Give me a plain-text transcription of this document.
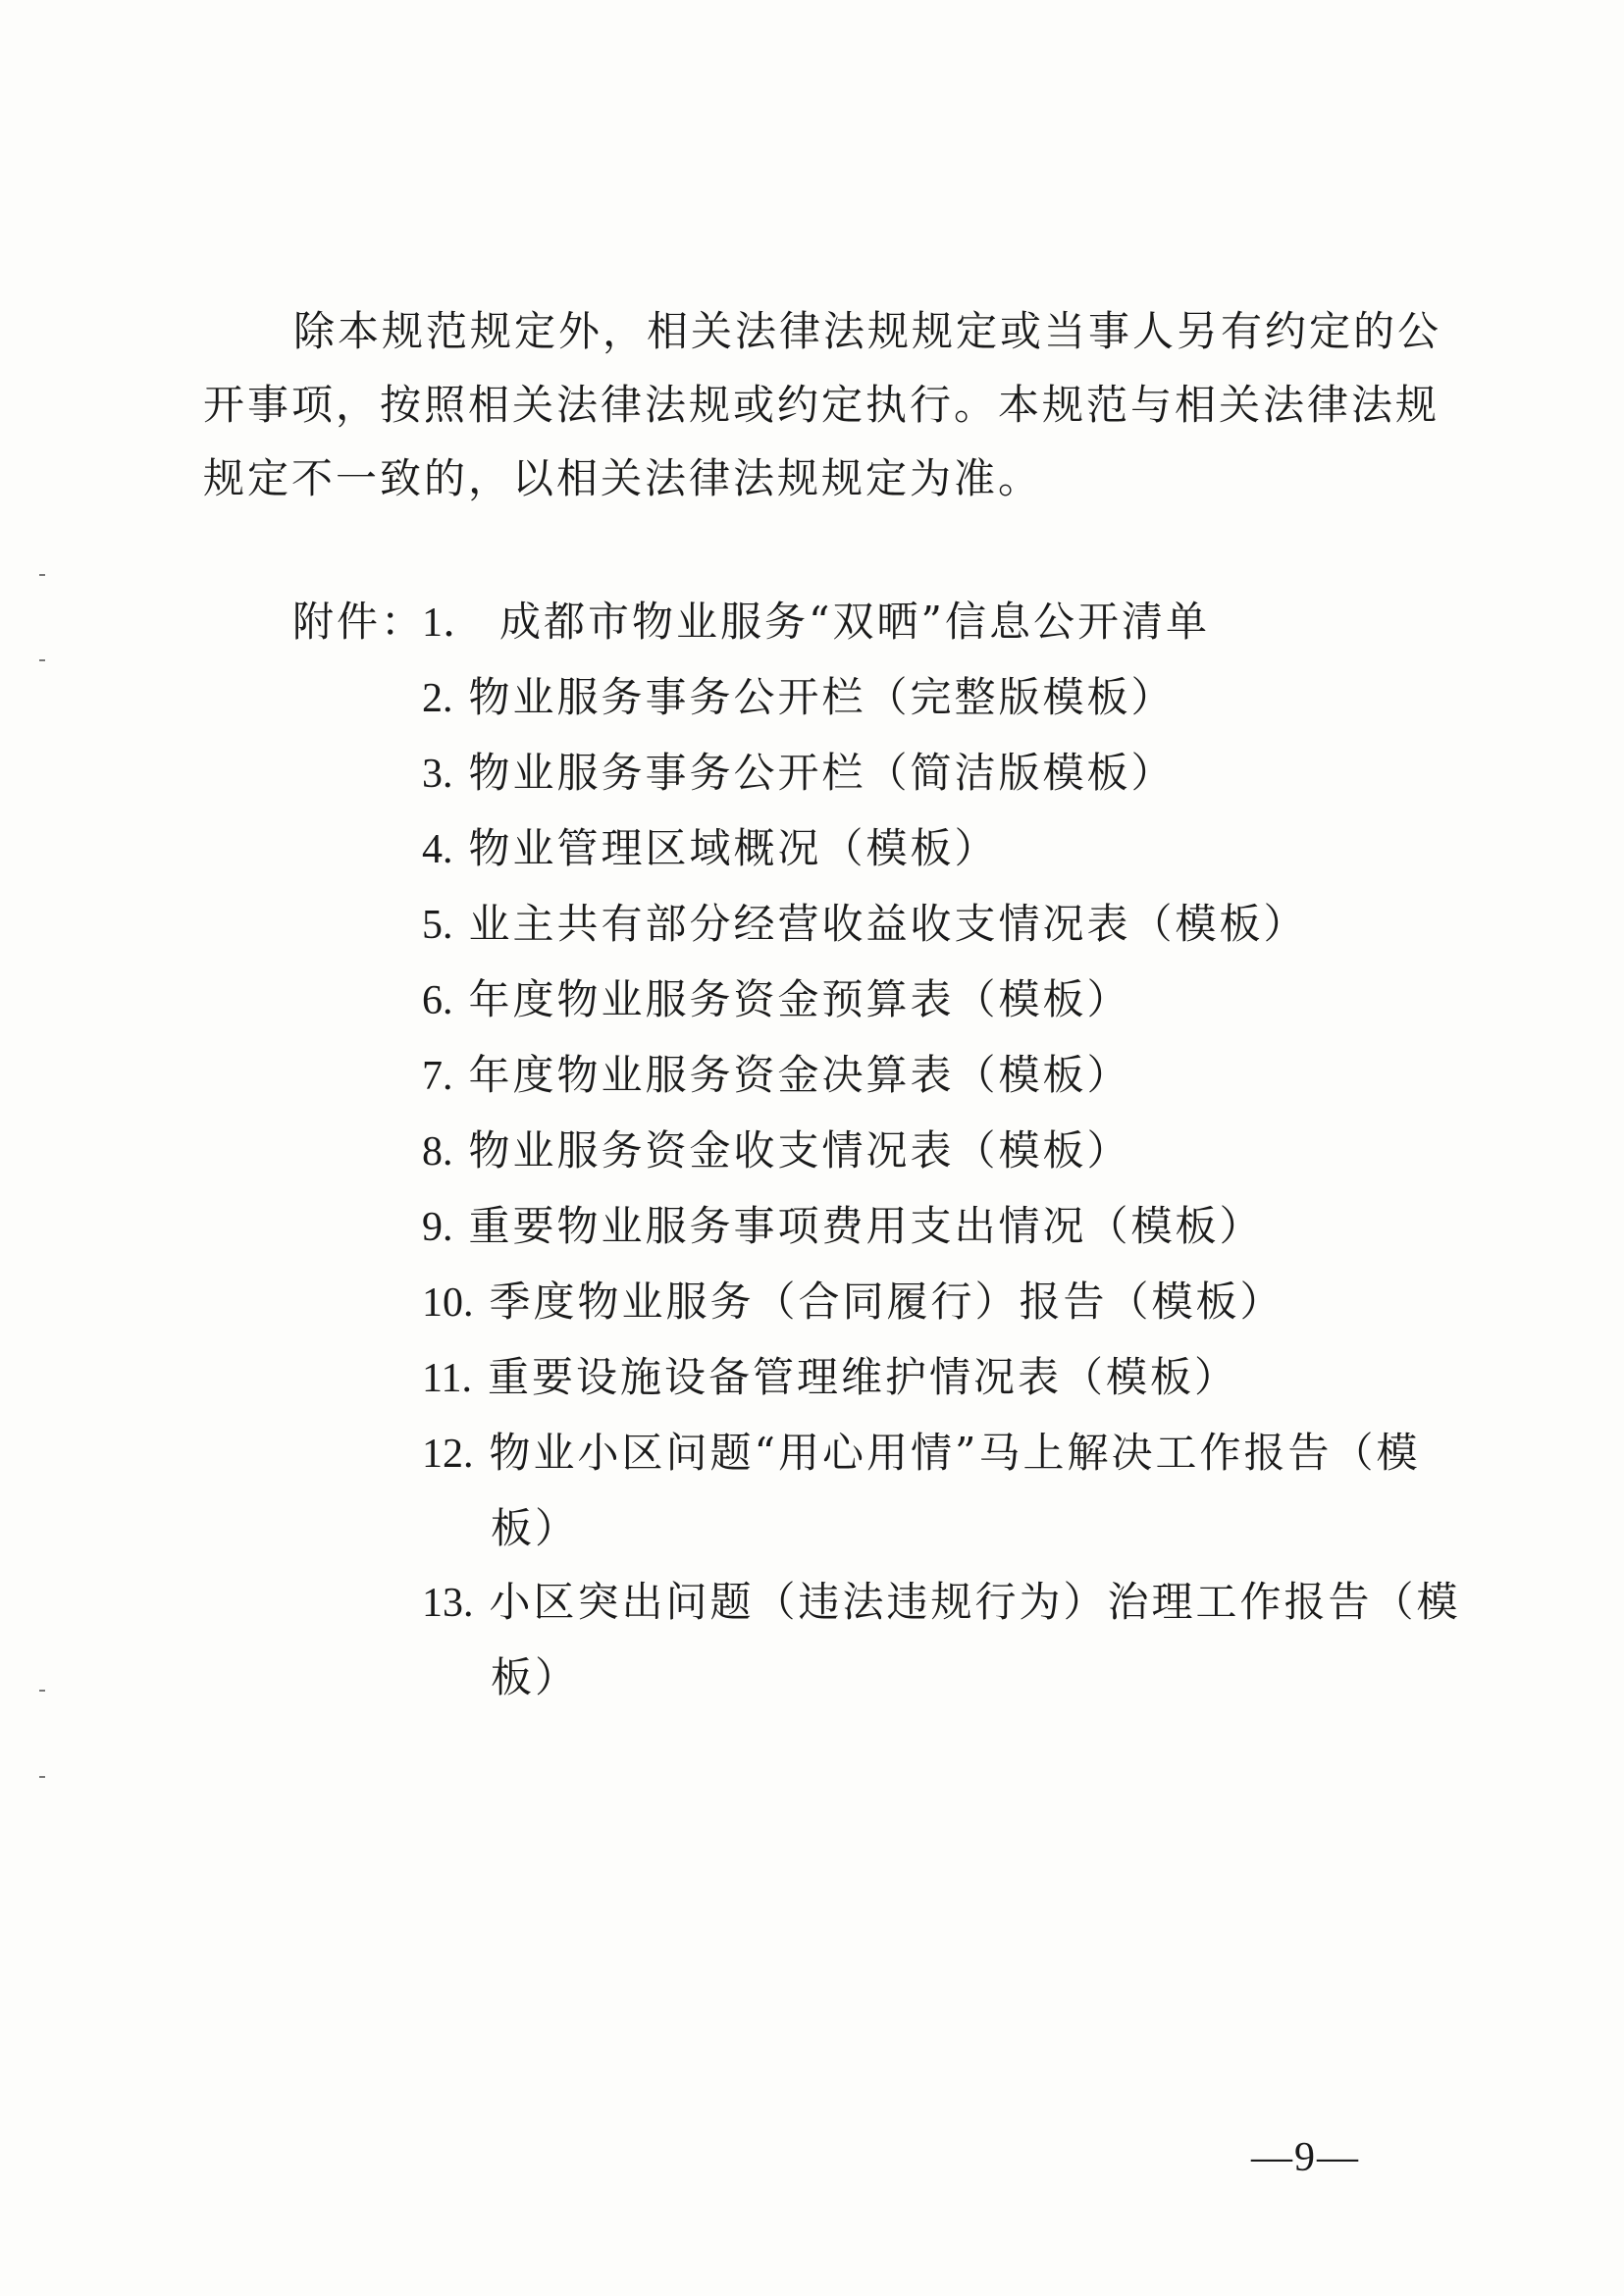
除本规范规定外，相关法律法规规定或当事人另有约定的公
开事项，按照相关法律法规或约定执行。本规范与相关法律法规
规定不一致的，以相关法律法规规定为准。
附件：
1． 成都市物业服务“双晒”信息公开清单
2. 物业服务事务公开栏（完整版模板）
3. 物业服务事务公开栏（简洁版模板）
4. 物业管理区域概况（模板）
5. 业主共有部分经营收益收支情况表（模板）
6. 年度物业服务资金预算表（模板）
7. 年度物业服务资金决算表（模板）
8. 物业服务资金收支情况表（模板）
9. 重要物业服务事项费用支出情况（模板）
10. 季度物业服务（合同履行）报告（模板）
11. 重要设施设备管理维护情况表（模板）
12. 物业小区问题“用心用情”马上解决工作报告（模
板）
13. 小区突出问题（违法违规行为）治理工作报告（模
板）
—9—
